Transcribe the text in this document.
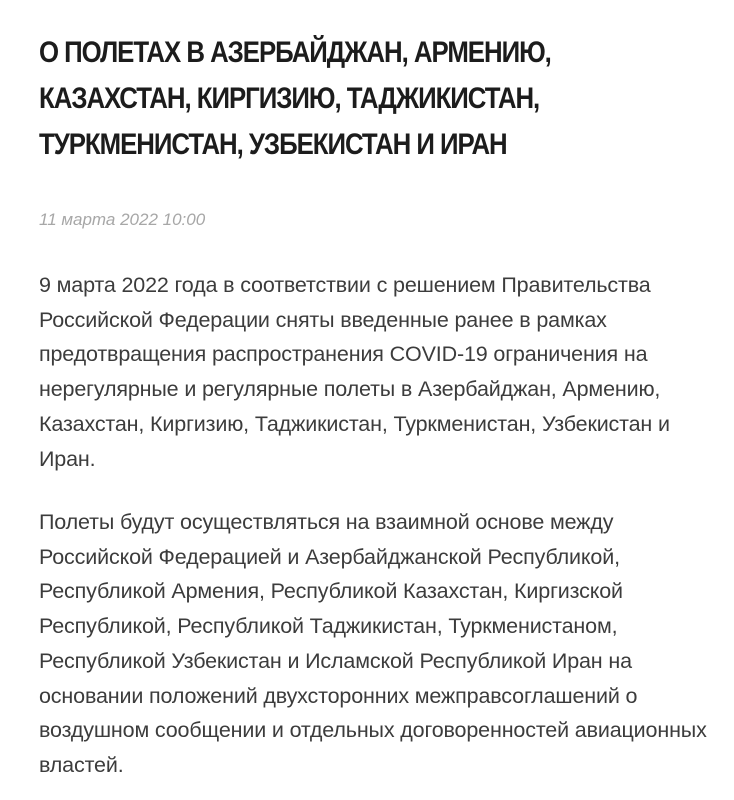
О ПОЛЕТАХ В АЗЕРБАЙДЖАН, АРМЕНИЮ, КАЗАХСТАН, КИРГИЗИЮ, ТАДЖИКИСТАН, ТУРКМЕНИСТАН, УЗБЕКИСТАН И ИРАН

11 марта 2022 10:00

9 марта 2022 года в соответствии с решением Правительства Российской Федерации сняты введенные ранее в рамках предотвращения распространения COVID-19 ограничения на нерегулярные и регулярные полеты в Азербайджан, Армению, Казахстан, Киргизию, Таджикистан, Туркменистан, Узбекистан и Иран.

Полеты будут осуществляться на взаимной основе между Российской Федерацией и Азербайджанской Республикой, Республикой Армения, Республикой Казахстан, Киргизской Республикой, Республикой Таджикистан, Туркменистаном, Республикой Узбекистан и Исламской Республикой Иран на основании положений двухсторонних межправсоглашений о воздушном сообщении и отдельных договоренностей авиационных властей.
